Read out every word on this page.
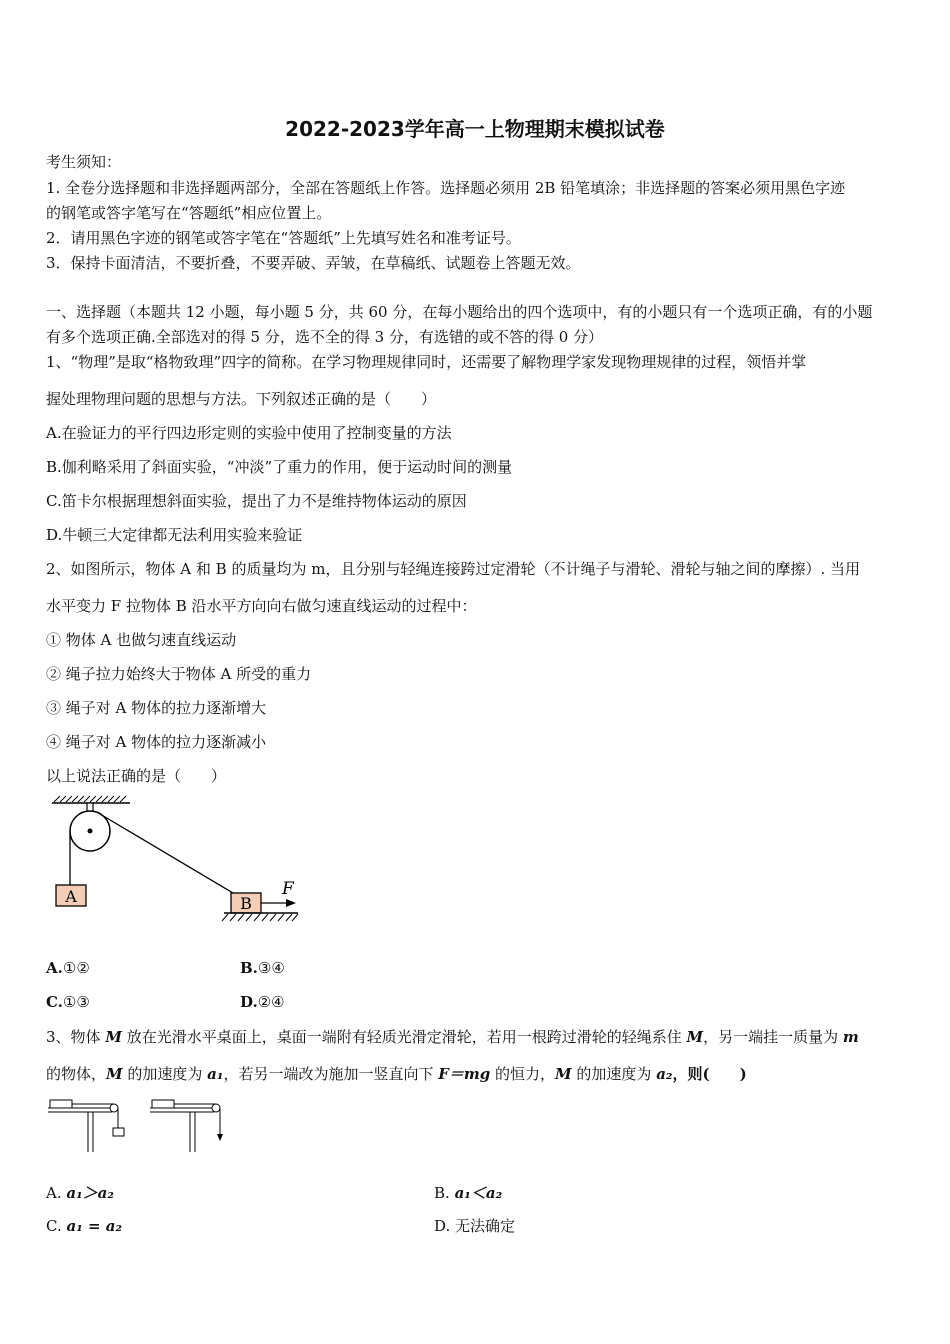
2022-2023学年高一上物理期末模拟试卷
考生须知：
1. 全卷分选择题和非选择题两部分，全部在答题纸上作答。选择题必须用 2B 铅笔填涂；非选择题的答案必须用黑色字迹
的钢笔或答字笔写在“答题纸”相应位置上。
2．请用黑色字迹的钢笔或答字笔在“答题纸”上先填写姓名和准考证号。
3．保持卡面清洁，不要折叠，不要弄破、弄皱，在草稿纸、试题卷上答题无效。
一、选择题（本题共 12 小题，每小题 5 分，共 60 分，在每小题给出的四个选项中，有的小题只有一个选项正确，有的小题
有多个选项正确.全部选对的得 5 分，选不全的得 3 分，有选错的或不答的得 0 分）
1、“物理”是取“格物致理”四字的简称。在学习物理规律同时，还需要了解物理学家发现物理规律的过程，领悟并掌
握处理物理问题的思想与方法。下列叙述正确的是（　　）
A.在验证力的平行四边形定则的实验中使用了控制变量的方法
B.伽利略采用了斜面实验，“冲淡”了重力的作用，便于运动时间的测量
C.笛卡尔根据理想斜面实验，提出了力不是维持物体运动的原因
D.牛顿三大定律都无法利用实验来验证
2、如图所示，物体 A 和 B 的质量均为 m，且分别与轻绳连接跨过定滑轮（不计绳子与滑轮、滑轮与轴之间的摩擦）. 当用
水平变力 F 拉物体 B 沿水平方向向右做匀速直线运动的过程中：
① 物体 A 也做匀速直线运动
② 绳子拉力始终大于物体 A 所受的重力
③ 绳子对 A 物体的拉力逐渐增大
④ 绳子对 A 物体的拉力逐渐减小
以上说法正确的是（　　）
A	B
F
A.①②	B.③④
C.①③	D.②④
3、物体 M 放在光滑水平桌面上，桌面一端附有轻质光滑定滑轮，若用一根跨过滑轮的轻绳系住 M，另一端挂一质量为 m
的物体，M 的加速度为 a₁，若另一端改为施加一竖直向下 F＝mg 的恒力，M 的加速度为 a₂，则(　　)
A. a₁＞a₂	B. a₁＜a₂
C. a₁ = a₂	D. 无法确定
